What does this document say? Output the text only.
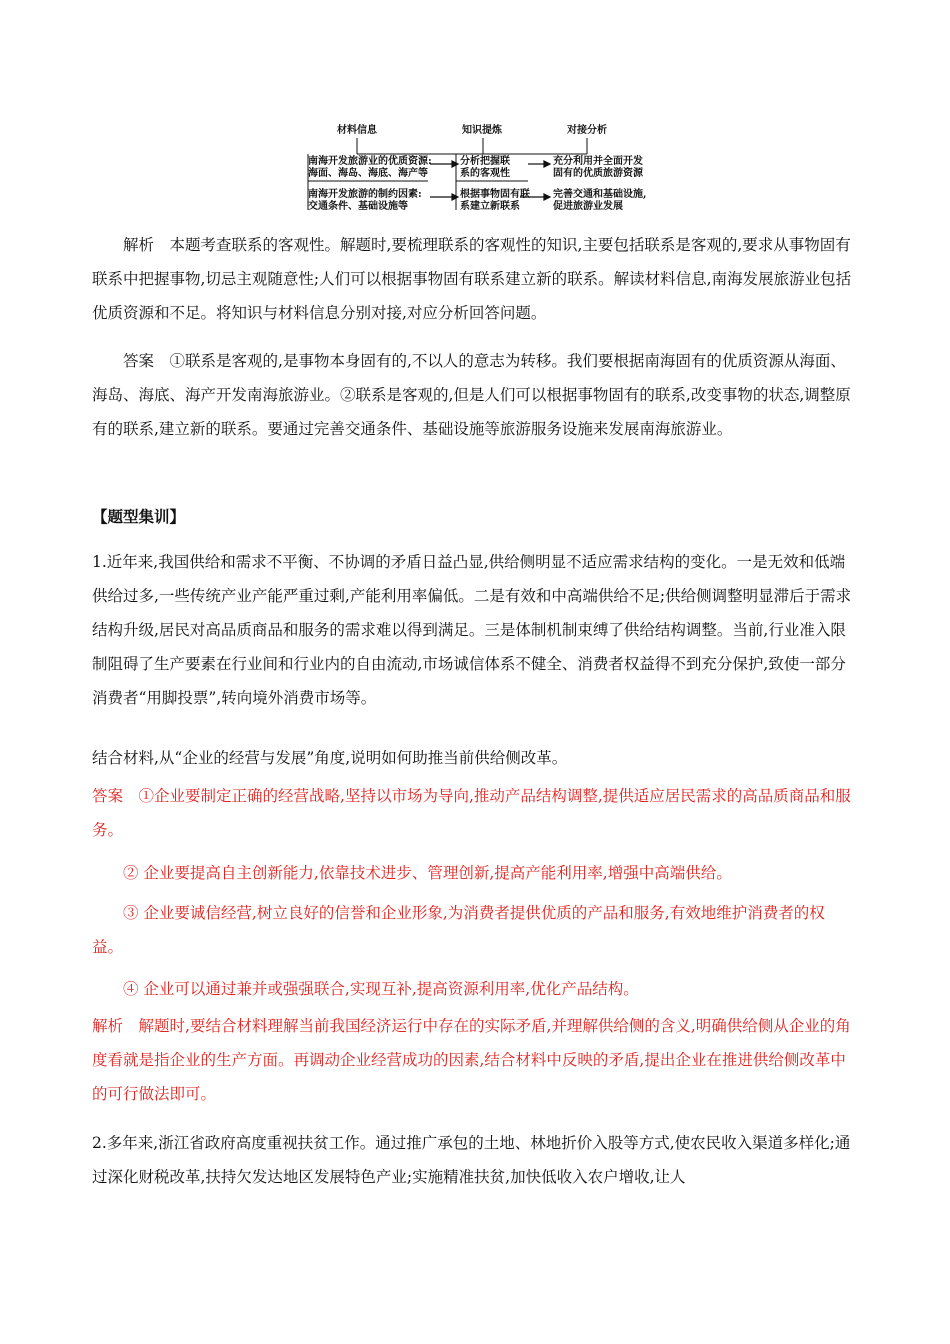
材料信息	知识提炼	对接分析
南海开发旅游业的优质资源:
海面、海岛、海底、海产等
分析把握联
系的客观性
充分利用并全面开发
固有的优质旅游资源
南海开发旅游的制约因素:
交通条件、基础设施等
根据事物固有联
系建立新联系
完善交通和基础设施,
促进旅游业发展

解析 本题考查联系的客观性。解题时,要梳理联系的客观性的知识,主要包括联系是客观的,要求从事物固有联系中把握事物,切忌主观随意性;人们可以根据事物固有联系建立新的联系。解读材料信息,南海发展旅游业包括优质资源和不足。将知识与材料信息分别对接,对应分析回答问题。

答案 ①联系是客观的,是事物本身固有的,不以人的意志为转移。我们要根据南海固有的优质资源从海面、海岛、海底、海产开发南海旅游业。②联系是客观的,但是人们可以根据事物固有的联系,改变事物的状态,调整原有的联系,建立新的联系。要通过完善交通条件、基础设施等旅游服务设施来发展南海旅游业。

【题型集训】

1.近年来,我国供给和需求不平衡、不协调的矛盾日益凸显,供给侧明显不适应需求结构的变化。一是无效和低端供给过多,一些传统产业产能严重过剩,产能利用率偏低。二是有效和中高端供给不足;供给侧调整明显滞后于需求结构升级,居民对高品质商品和服务的需求难以得到满足。三是体制机制束缚了供给结构调整。当前,行业准入限制阻碍了生产要素在行业间和行业内的自由流动,市场诚信体系不健全、消费者权益得不到充分保护,致使一部分消费者“用脚投票”,转向境外消费市场等。

结合材料,从“企业的经营与发展”角度,说明如何助推当前供给侧改革。

答案 ①企业要制定正确的经营战略,坚持以市场为导向,推动产品结构调整,提供适应居民需求的高品质商品和服务。

② 企业要提高自主创新能力,依靠技术进步、管理创新,提高产能利用率,增强中高端供给。

③ 企业要诚信经营,树立良好的信誉和企业形象,为消费者提供优质的产品和服务,有效地维护消费者的权益。

④ 企业可以通过兼并或强强联合,实现互补,提高资源利用率,优化产品结构。

解析 解题时,要结合材料理解当前我国经济运行中存在的实际矛盾,并理解供给侧的含义,明确供给侧从企业的角度看就是指企业的生产方面。再调动企业经营成功的因素,结合材料中反映的矛盾,提出企业在推进供给侧改革中的可行做法即可。

2.多年来,浙江省政府高度重视扶贫工作。通过推广承包的土地、林地折价入股等方式,使农民收入渠道多样化;通过深化财税改革,扶持欠发达地区发展特色产业;实施精准扶贫,加快低收入农户增收,让人
